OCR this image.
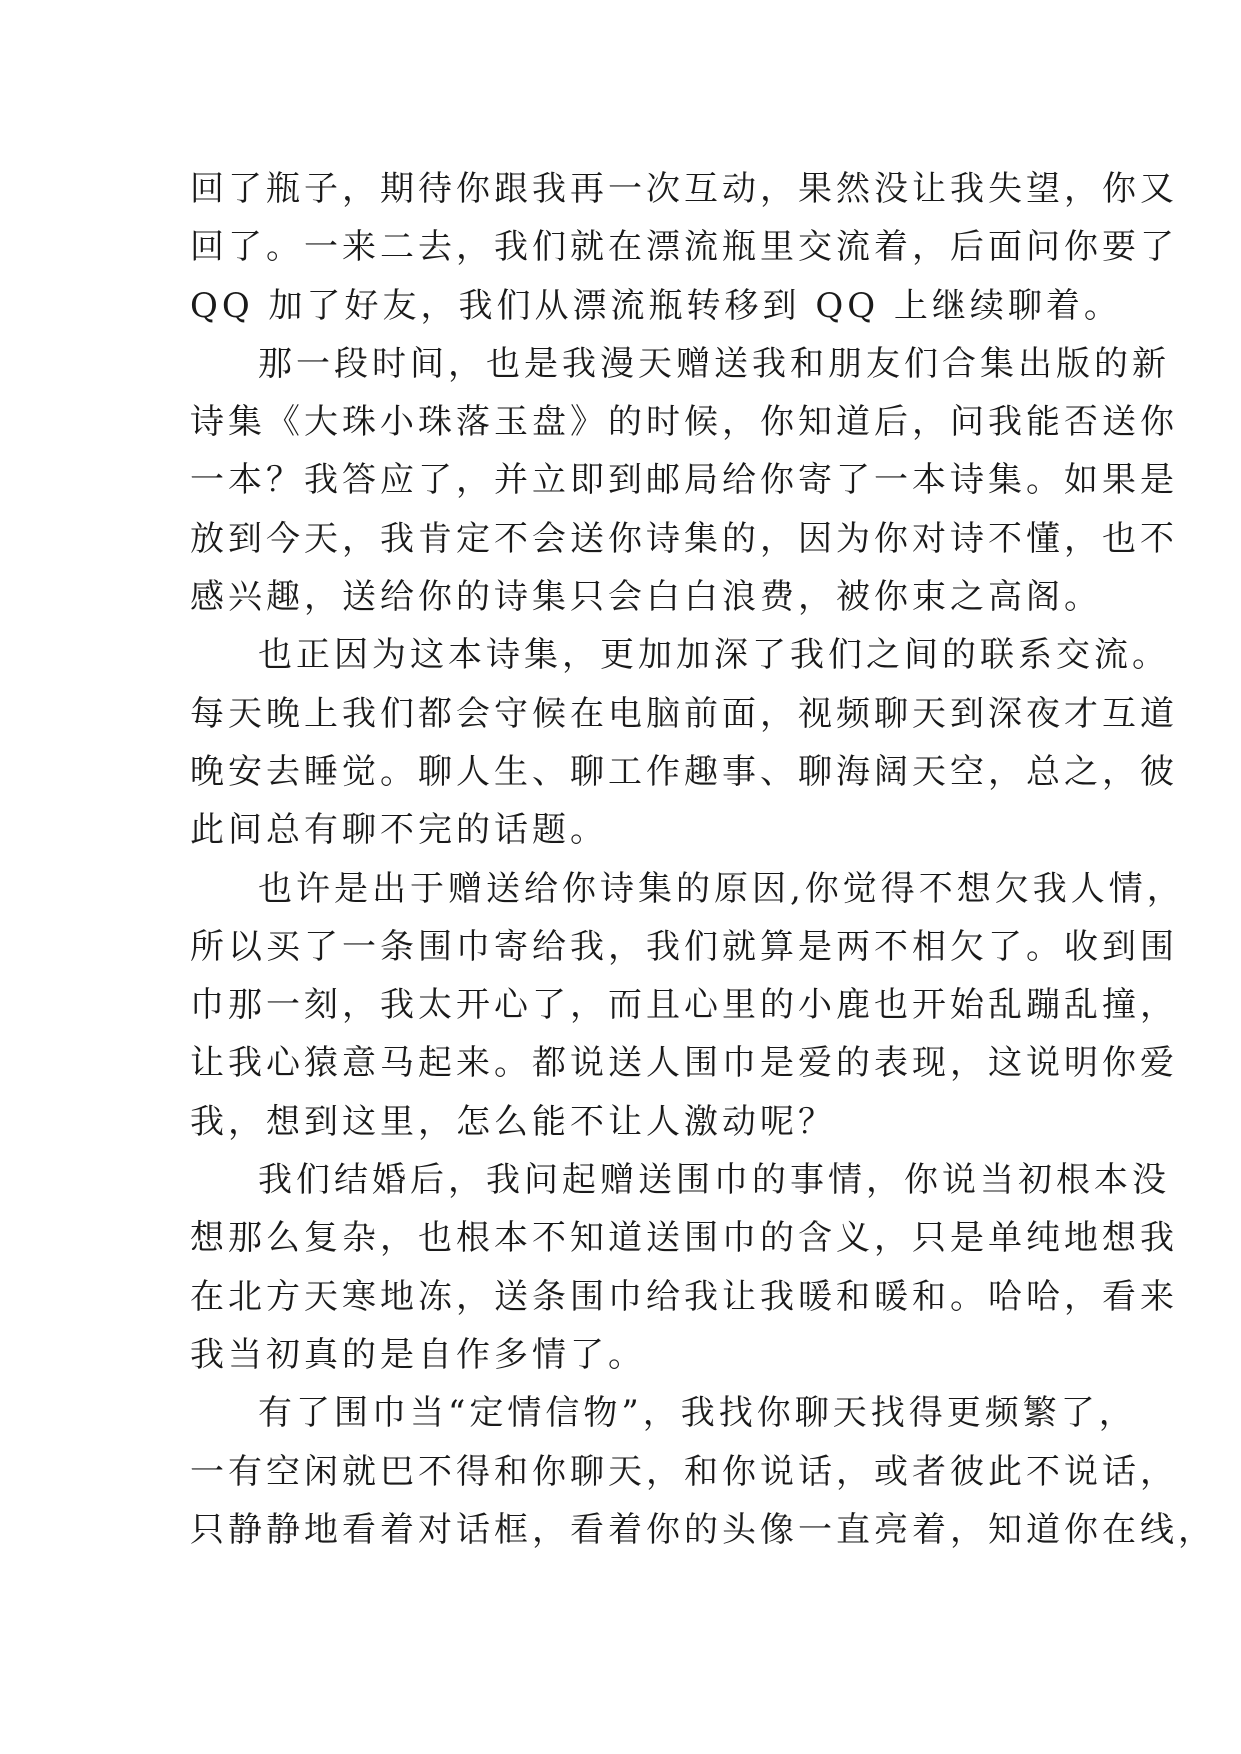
回了瓶子，期待你跟我再一次互动，果然没让我失望，你又
回了。一来二去，我们就在漂流瓶里交流着，后面问你要了
QQ 加了好友，我们从漂流瓶转移到 QQ 上继续聊着。
那一段时间，也是我漫天赠送我和朋友们合集出版的新
诗集《大珠小珠落玉盘》的时候，你知道后，问我能否送你
一本？我答应了，并立即到邮局给你寄了一本诗集。如果是
放到今天，我肯定不会送你诗集的，因为你对诗不懂，也不
感兴趣，送给你的诗集只会白白浪费，被你束之高阁。
也正因为这本诗集，更加加深了我们之间的联系交流。
每天晚上我们都会守候在电脑前面，视频聊天到深夜才互道
晚安去睡觉。聊人生、聊工作趣事、聊海阔天空，总之，彼
此间总有聊不完的话题。
也许是出于赠送给你诗集的原因,你觉得不想欠我人情，
所以买了一条围巾寄给我，我们就算是两不相欠了。收到围
巾那一刻，我太开心了，而且心里的小鹿也开始乱蹦乱撞，
让我心猿意马起来。都说送人围巾是爱的表现，这说明你爱
我，想到这里，怎么能不让人激动呢？
我们结婚后，我问起赠送围巾的事情，你说当初根本没
想那么复杂，也根本不知道送围巾的含义，只是单纯地想我
在北方天寒地冻，送条围巾给我让我暖和暖和。哈哈，看来
我当初真的是自作多情了。
有了围巾当“定情信物”，我找你聊天找得更频繁了，
一有空闲就巴不得和你聊天，和你说话，或者彼此不说话，
只静静地看着对话框，看着你的头像一直亮着，知道你在线，
